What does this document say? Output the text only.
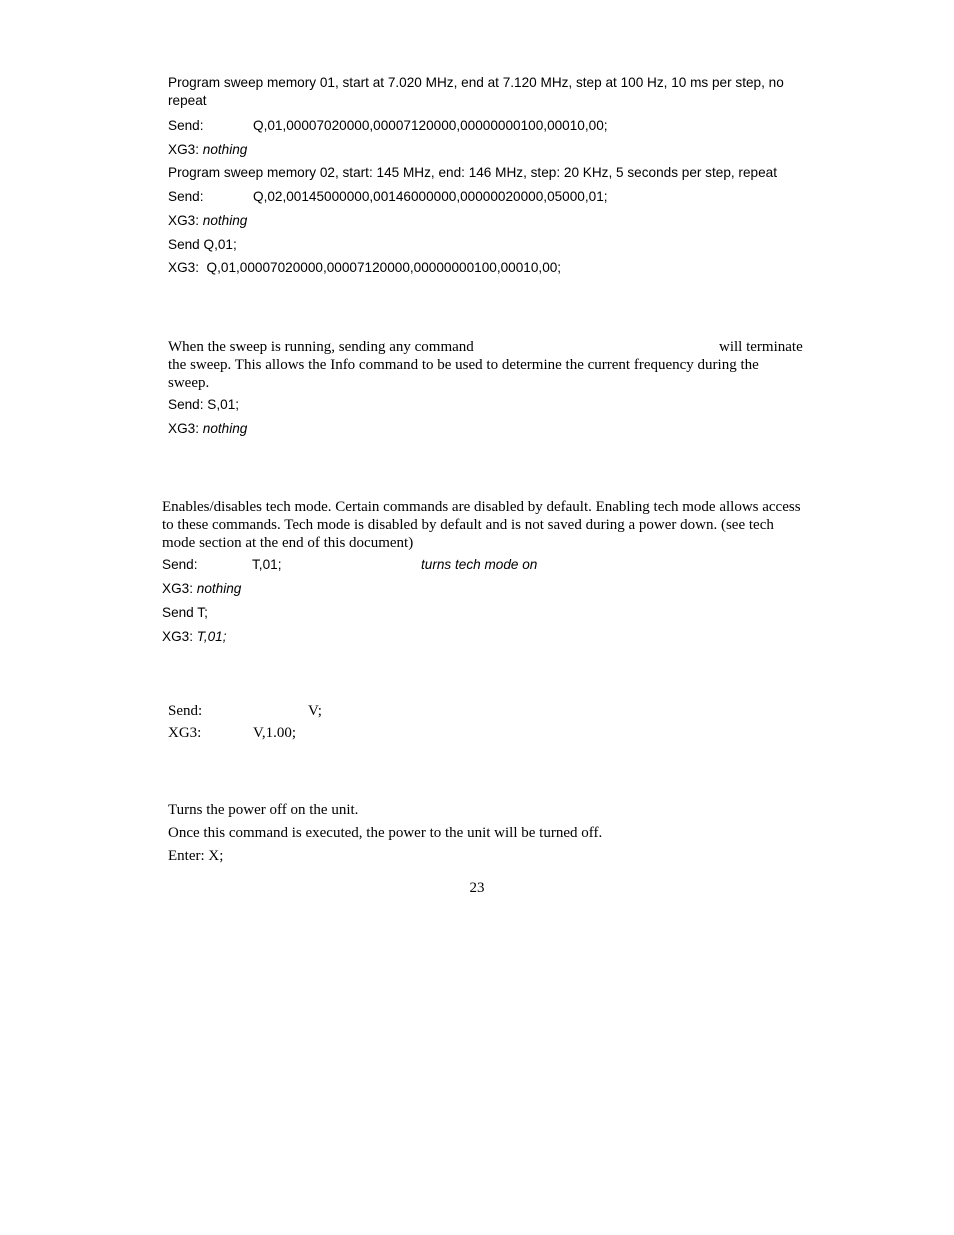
Program sweep memory 01, start at 7.020 MHz, end at 7.120 MHz, step at 100 Hz, 10 ms per step, no repeat
Send:	Q,01,00007020000,00007120000,00000000100,00010,00;
XG3: nothing
Program sweep memory 02, start: 145 MHz, end: 146 MHz, step: 20 KHz, 5 seconds per step, repeat
Send:	Q,02,00145000000,00146000000,00000020000,05000,01;
XG3: nothing
Send Q,01;
XG3: Q,01,00007020000,00007120000,00000000100,00010,00;
When the sweep is running, sending any command	will terminate
the sweep. This allows the Info command to be used to determine the current frequency during the sweep.
Send: S,01;
XG3: nothing
Enables/disables tech mode. Certain commands are disabled by default. Enabling tech mode allows access to these commands. Tech mode is disabled by default and is not saved during a power down. (see tech mode section at the end of this document)
Send:	T,01;	turns tech mode on
XG3: nothing
Send T;
XG3: T,01;
Send:	V;
XG3:	V,1.00;
Turns the power off on the unit.
Once this command is executed, the power to the unit will be turned off.
Enter: X;
23
